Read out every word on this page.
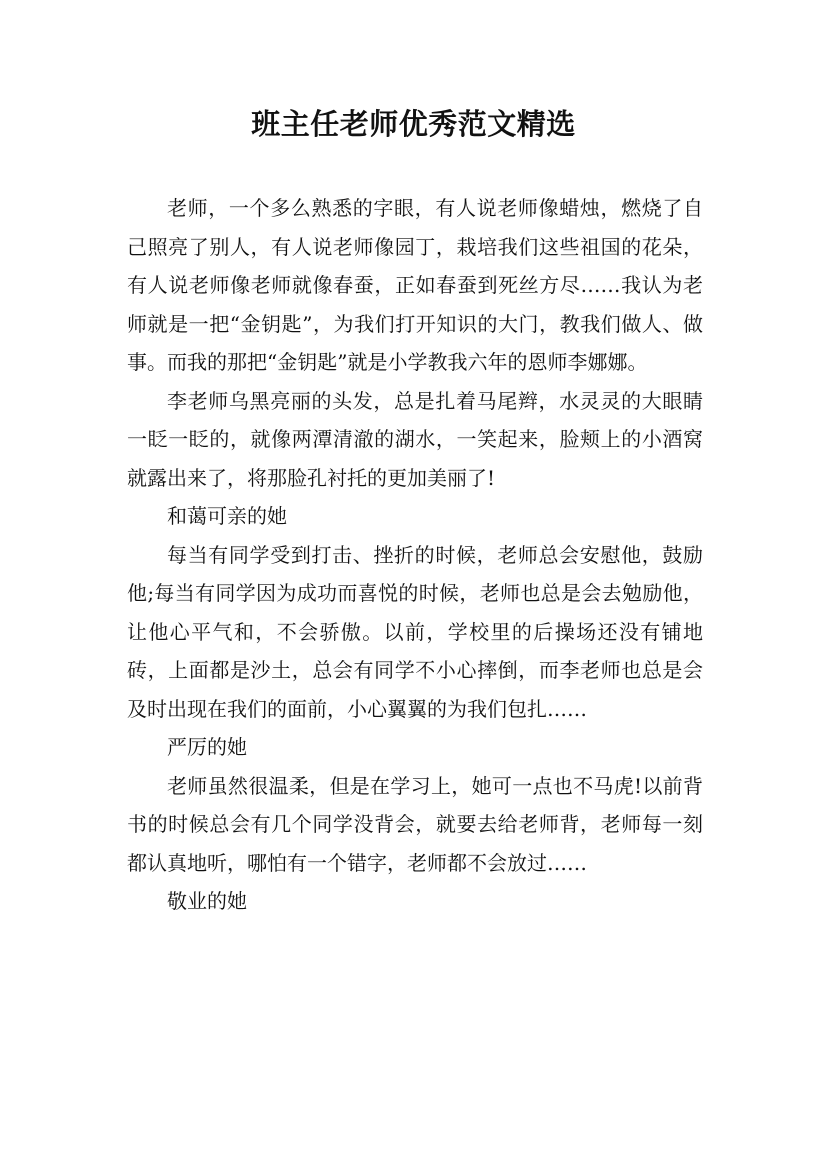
班主任老师优秀范文精选

老师，一个多么熟悉的字眼，有人说老师像蜡烛，燃烧了自己照亮了别人，有人说老师像园丁，栽培我们这些祖国的花朵，有人说老师像老师就像春蚕，正如春蚕到死丝方尽……我认为老师就是一把“金钥匙”，为我们打开知识的大门，教我们做人、做事。而我的那把“金钥匙”就是小学教我六年的恩师李娜娜。

李老师乌黑亮丽的头发，总是扎着马尾辫，水灵灵的大眼睛一眨一眨的，就像两潭清澈的湖水，一笑起来，脸颊上的小酒窝就露出来了，将那脸孔衬托的更加美丽了!

和蔼可亲的她

每当有同学受到打击、挫折的时候，老师总会安慰他，鼓励他;每当有同学因为成功而喜悦的时候，老师也总是会去勉励他，让他心平气和，不会骄傲。以前，学校里的后操场还没有铺地砖，上面都是沙土，总会有同学不小心摔倒，而李老师也总是会及时出现在我们的面前，小心翼翼的为我们包扎……

严厉的她

老师虽然很温柔，但是在学习上，她可一点也不马虎!以前背书的时候总会有几个同学没背会，就要去给老师背，老师每一刻都认真地听，哪怕有一个错字，老师都不会放过……

敬业的她
